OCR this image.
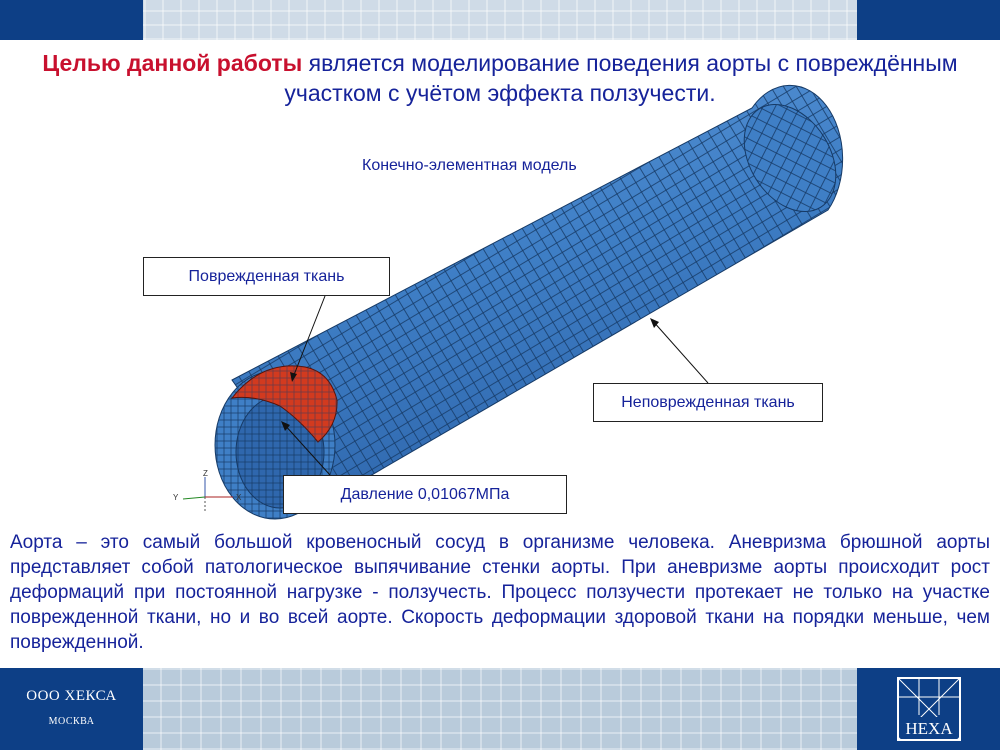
Целью данной работы является моделирование поведения аорты с повреждённым участком с учётом эффекта ползучести.
Конечно-элементная модель
Z
X
Y
Поврежденная ткань
Неповрежденная ткань
Давление 0,01067МПа
Аорта – это самый большой кровеносный сосуд в организме человека. Аневризма брюшной аорты представляет собой патологическое выпячивание стенки аорты. При аневризме аорты происходит рост деформаций при постоянной нагрузке - ползучесть. Процесс ползучести протекает не только на участке поврежденной ткани, но и во всей аорте. Скорость деформации здоровой ткани на порядки меньше, чем поврежденной.
ООО ХЕКСА
МОСКВА	HEXA
